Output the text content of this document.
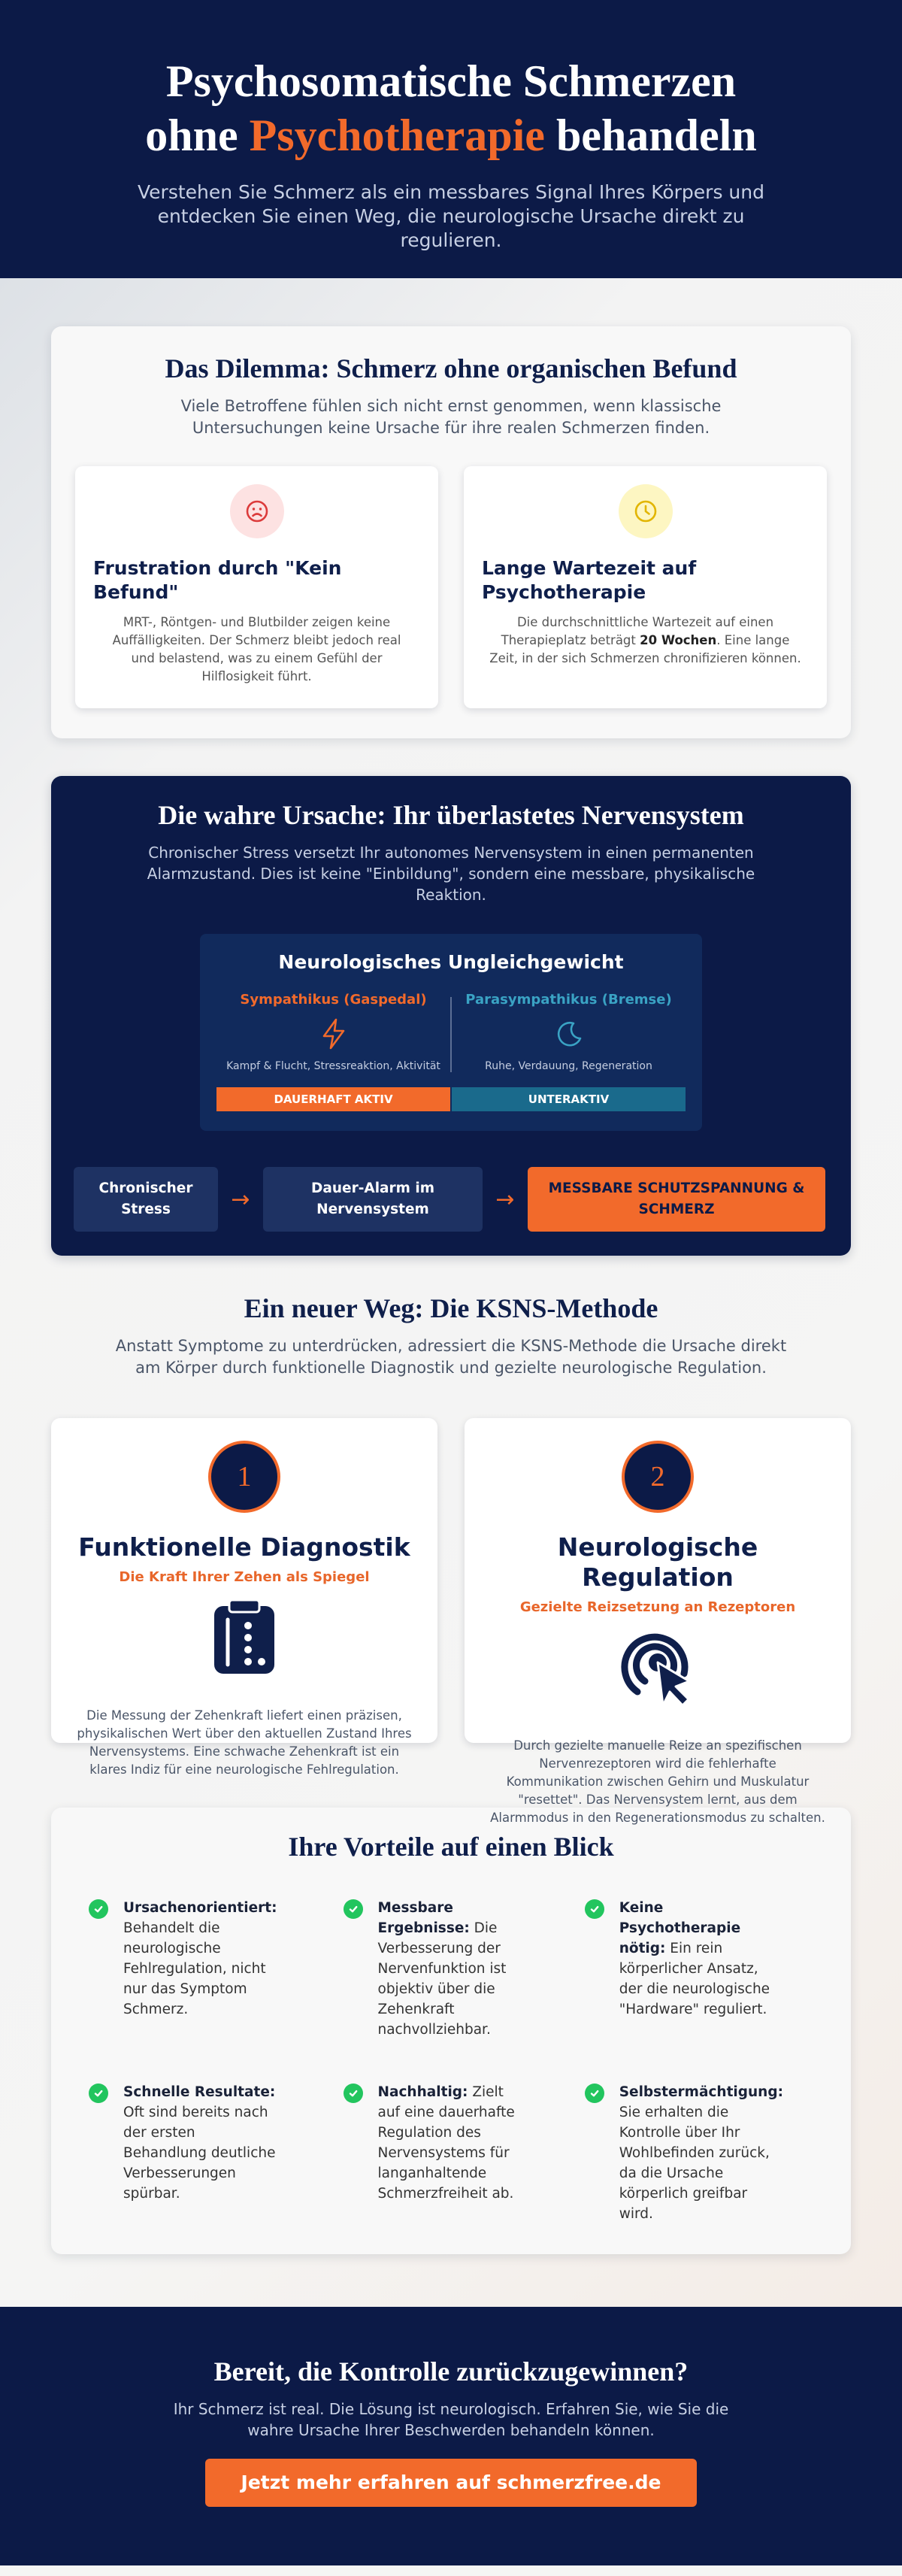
Psychosomatische Schmerzen
ohne Psychotherapie behandeln

Verstehen Sie Schmerz als ein messbares Signal Ihres Körpers und entdecken Sie einen Weg, die neurologische Ursache direkt zu regulieren.

Das Dilemma: Schmerz ohne organischen Befund

Viele Betroffene fühlen sich nicht ernst genommen, wenn klassische Untersuchungen keine Ursache für ihre realen Schmerzen finden.

Frustration durch "Kein Befund"

MRT-, Röntgen- und Blutbilder zeigen keine Auffälligkeiten. Der Schmerz bleibt jedoch real und belastend, was zu einem Gefühl der Hilflosigkeit führt.

Lange Wartezeit auf Psychotherapie

Die durchschnittliche Wartezeit auf einen Therapieplatz beträgt 20 Wochen. Eine lange Zeit, in der sich Schmerzen chronifizieren können.

Die wahre Ursache: Ihr überlastetes Nervensystem

Chronischer Stress versetzt Ihr autonomes Nervensystem in einen permanenten Alarmzustand. Dies ist keine "Einbildung", sondern eine messbare, physikalische Reaktion.

Neurologisches Ungleichgewicht
Sympathikus (Gaspedal)
Kampf & Flucht, Stressreaktion, Aktivität
DAUERHAFT AKTIV
Parasympathikus (Bremse)
Ruhe, Verdauung, Regeneration
UNTERAKTIV
Chronischer Stress	→	Dauer-Alarm im Nervensystem	→	MESSBARE SCHUTZSPANNUNG & SCHMERZ
Ein neuer Weg: Die KSNS-Methode

Anstatt Symptome zu unterdrücken, adressiert die KSNS-Methode die Ursache direkt am Körper durch funktionelle Diagnostik und gezielte neurologische Regulation.

1
Funktionelle Diagnostik
Die Kraft Ihrer Zehen als Spiegel

Die Messung der Zehenkraft liefert einen präzisen, physikalischen Wert über den aktuellen Zustand Ihres Nervensystems. Eine schwache Zehenkraft ist ein klares Indiz für eine neurologische Fehlregulation.

2
Neurologische Regulation
Gezielte Reizsetzung an Rezeptoren

Durch gezielte manuelle Reize an spezifischen Nervenrezeptoren wird die fehlerhafte Kommunikation zwischen Gehirn und Muskulatur "resettet". Das Nervensystem lernt, aus dem Alarmmodus in den Regenerationsmodus zu schalten.

Ihre Vorteile auf einen Blick
Ursachenorientiert: Behandelt die neurologische Fehlregulation, nicht nur das Symptom Schmerz.
Messbare Ergebnisse: Die Verbesserung der Nervenfunktion ist objektiv über die Zehenkraft nachvollziehbar.
Keine Psychotherapie nötig: Ein rein körperlicher Ansatz, der die neurologische "Hardware" reguliert.
Schnelle Resultate: Oft sind bereits nach der ersten Behandlung deutliche Verbesserungen spürbar.
Nachhaltig: Zielt auf eine dauerhafte Regulation des Nervensystems für langanhaltende Schmerzfreiheit ab.
Selbstermächtigung: Sie erhalten die Kontrolle über Ihr Wohlbefinden zurück, da die Ursache körperlich greifbar wird.
Bereit, die Kontrolle zurückzugewinnen?

Ihr Schmerz ist real. Die Lösung ist neurologisch. Erfahren Sie, wie Sie die wahre Ursache Ihrer Beschwerden behandeln können.

Jetzt mehr erfahren auf schmerzfree.de
